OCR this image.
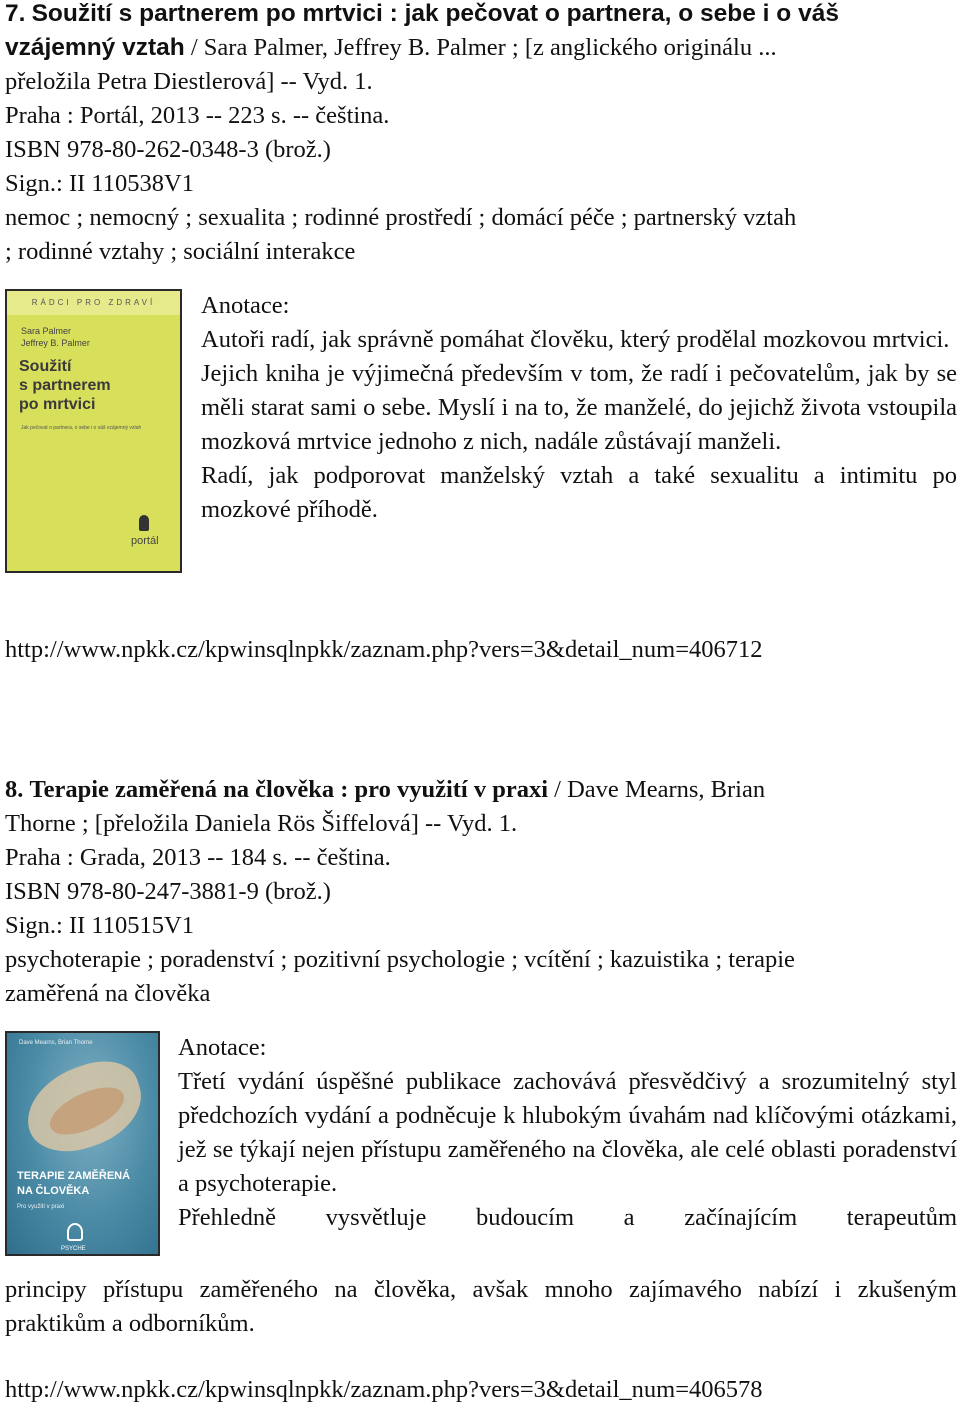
7. Soužití s partnerem po mrtvici : jak pečovat o partnera, o sebe i o váš
vzájemný vztah / Sara Palmer, Jeffrey B. Palmer ; [z anglického originálu ...
přeložila Petra Diestlerová] -- Vyd. 1.
Praha : Portál, 2013 -- 223 s. -- čeština.
ISBN 978-80-262-0348-3 (brož.)
Sign.: II 110538V1
nemoc ; nemocný ; sexualita ; rodinné prostředí ; domácí péče ; partnerský vztah
; rodinné vztahy ; sociální interakce
RÁDCI PRO ZDRAVÍ
Sara Palmer
Jeffrey B. Palmer
Soužití
s partnerem
po mrtvici
Jak pečovat o partnera, o sebe i o váš vzájemný vztah
portál
Anotace:
Autoři radí, jak správně pomáhat člověku, který prodělal mozkovou mrtvici.
Jejich kniha je výjimečná především v tom, že radí i pečovatelům, jak by se měli starat sami o sebe. Myslí i na to, že manželé, do jejichž života vstoupila mozková mrtvice jednoho z nich, nadále zůstávají manželi.
Radí, jak podporovat manželský vztah a také sexualitu a intimitu po mozkové příhodě.
http://www.npkk.cz/kpwinsqlnpkk/zaznam.php?vers=3&detail_num=406712
8. Terapie zaměřená na člověka : pro využití v praxi / Dave Mearns, Brian
Thorne ; [přeložila Daniela Rös Šiffelová] -- Vyd. 1.
Praha : Grada, 2013 -- 184 s. -- čeština.
ISBN 978-80-247-3881-9 (brož.)
Sign.: II 110515V1
psychoterapie ; poradenství ; pozitivní psychologie ; vcítění ; kazuistika ; terapie
zaměřená na člověka
Dave Mearns, Brian Thorne
TERAPIE ZAMĚŘENÁ
NA ČLOVĚKA
Pro využití v praxi
PSYCHE
Anotace:
Třetí vydání úspěšné publikace zachovává přesvědčivý a srozumitelný styl předchozích vydání a podněcuje k hlubokým úvahám nad klíčovými otázkami, jež se týkají nejen přístupu zaměřeného na člověka, ale celé oblasti poradenství a psychoterapie.
Přehledně vysvětluje budoucím a začínajícím terapeutům
principy přístupu zaměřeného na člověka, avšak mnoho zajímavého nabízí i zkušeným praktikům a odborníkům.
http://www.npkk.cz/kpwinsqlnpkk/zaznam.php?vers=3&detail_num=406578
